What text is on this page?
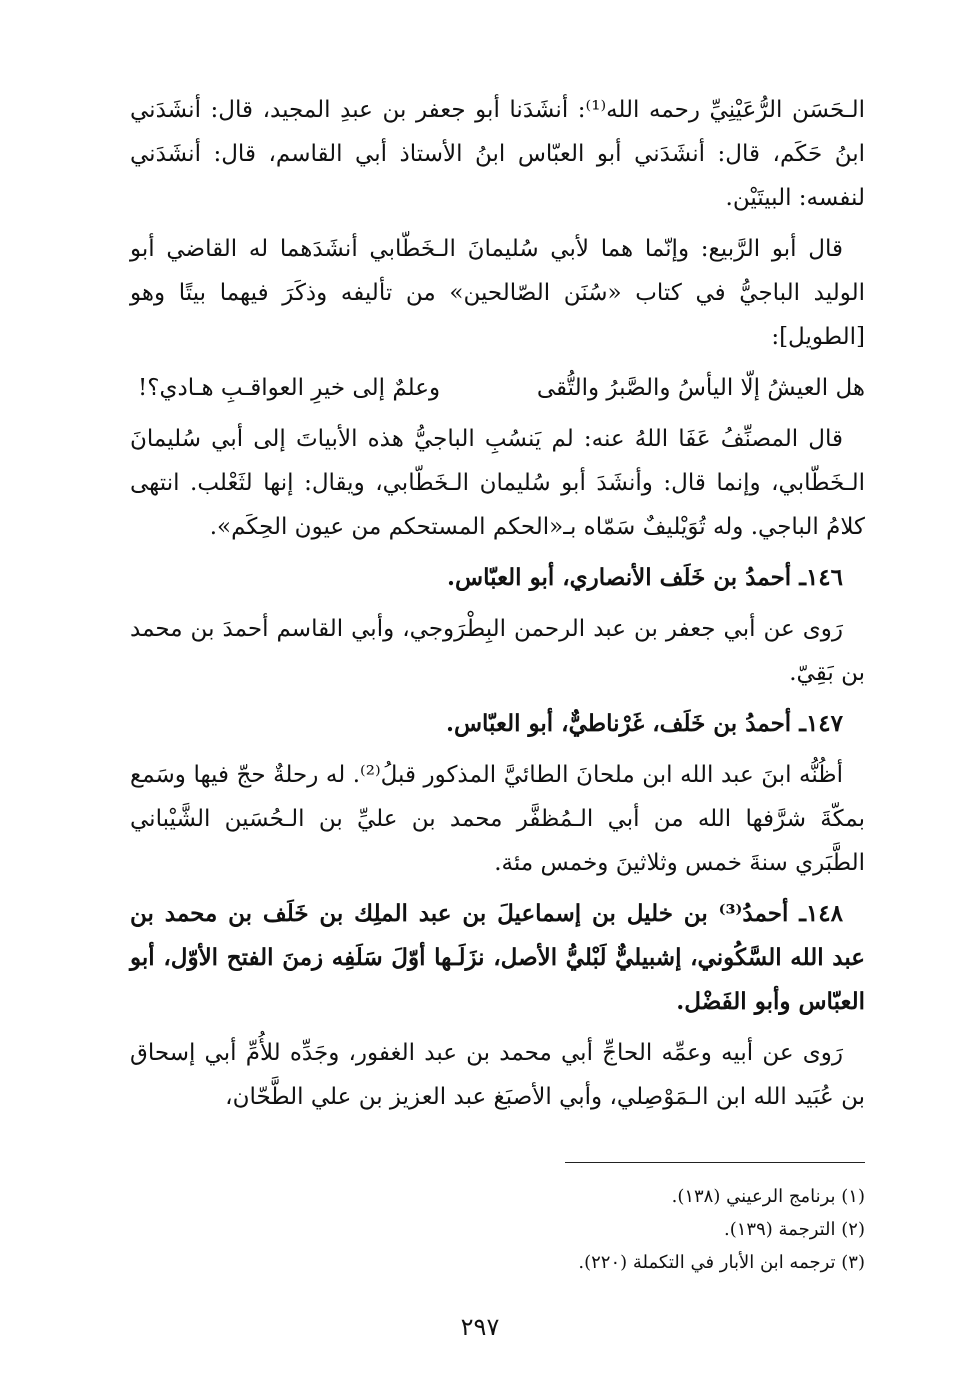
الـحَسَن الرُّعَيْنِيِّ رحمه الله⁽¹⁾: أنشَدَنا أبو جعفر بن عبدِ المجيد، قال: أنشَدَني ابنُ حَكَم، قال: أنشَدَني أبو العبّاس ابنُ الأستاذ أبي القاسم، قال: أنشَدَني لنفسه: البيتَيْن.

قال أبو الرَّبيع: وإنّما هما لأبي سُليمانَ الـخَطّابي أنشَدَهما له القاضي أبو الوليد الباجيُّ في كتاب «سُنَن الصّالحين» من تأليفه وذكَرَ فيهما بيتًا وهو [الطويل]:

هل العيشُ إلّا اليأسُ والصَّبرُ والتُّقى
وعلمٌ إلى خيرِ العواقـبِ هـادي؟!

قال المصنِّفُ عَفَا اللهُ عنه: لم يَنسُبِ الباجيُّ هذه الأبياتَ إلى أبي سُليمانَ الـخَطّابي، وإنما قال: وأنشَدَ أبو سُليمان الـخَطّابي، ويقال: إنها لثَعْلب. انتهى كلامُ الباجي. وله تُوَيْليفٌ سَمّاه بـ«الحكم المستحكم من عيون الحِكَم».

١٤٦ـ أحمدُ بن خَلَف الأنصاري، أبو العبّاس.

رَوى عن أبي جعفر بن عبد الرحمن البِطْرَوجي، وأبي القاسم أحمدَ بن محمد بن بَقِيّ.

١٤٧ـ أحمدُ بن خَلَف، غَرْناطيٌّ، أبو العبّاس.

أظُنُّه ابنَ عبد الله ابن ملحانَ الطائيَّ المذكور قبلُ⁽²⁾. له رحلةٌ حجّ فيها وسَمع بمكّةَ شرَّفها الله من أبي الـمُظفَّر محمد بن عليِّ بن الـحُسَين الشَّيْباني الطَّبَري سنةَ خمس وثلاثينَ وخمس مئة.

١٤٨ـ أحمدُ⁽³⁾ بن خليل بن إسماعيلَ بن عبد الملِك بن خَلَف بن محمد بن عبد الله السَّكُوني، إشبيليٌّ لَبْليُّ الأصل، نزَلَـها أوّلَ سَلَفِه زمنَ الفتح الأوّل، أبو العبّاس وأبو الفَضْل.

رَوى عن أبيه وعمِّه الحاجِّ أبي محمد بن عبد الغفور، وجَدِّه للأُمِّ أبي إسحاق بن عُبَيد الله ابن الـمَوْصِلي، وأبي الأصبَغ عبد العزيز بن علي الطَّحّان،

(١) برنامج الرعيني (١٣٨).

(٢) الترجمة (١٣٩).

(٣) ترجمه ابن الأبار في التكملة (٢٢٠).

٢٩٧
